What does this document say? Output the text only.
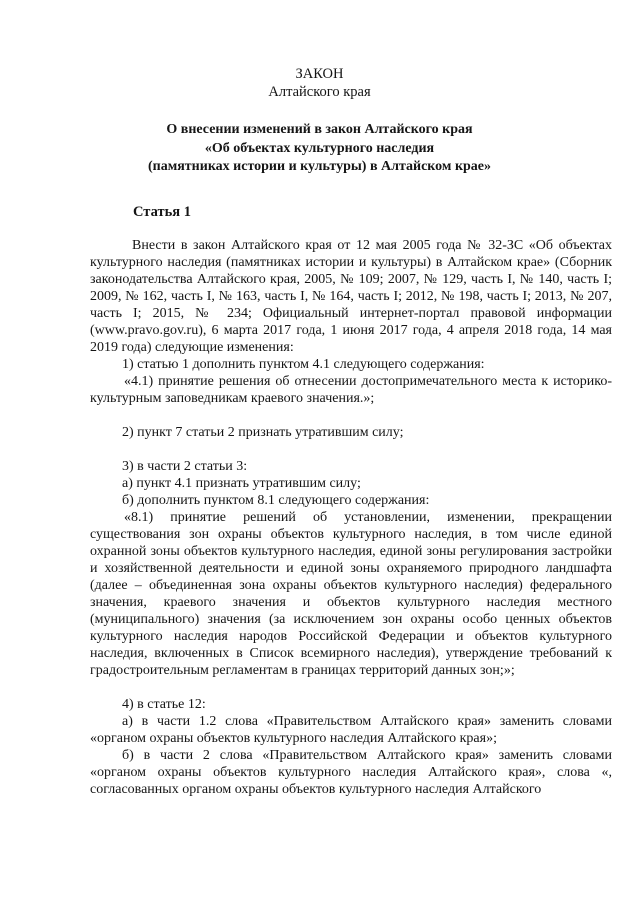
ЗАКОН
Алтайского края
О внесении изменений в закон Алтайского края
«Об объектах культурного наследия
(памятниках истории и культуры) в Алтайском крае»
Статья 1

Внести в закон Алтайского края от 12 мая 2005 года № 32-ЗС «Об объектах культурного наследия (памятниках истории и культуры) в Алтайском крае» (Сборник законодательства Алтайского края, 2005, № 109; 2007, № 129, часть I, № 140, часть I; 2009, № 162, часть I, № 163, часть I, № 164, часть I; 2012, № 198, часть I; 2013, № 207, часть I; 2015, № 234; Официальный интернет-портал правовой информации (www.pravo.gov.ru), 6 марта 2017 года, 1 июня 2017 года, 4 апреля 2018 года, 14 мая 2019 года) следующие изменения:

1) статью 1 дополнить пунктом 4.1 следующего содержания:

«4.1) принятие решения об отнесении достопримечательного места к историко-культурным заповедникам краевого значения.»;

2) пункт 7 статьи 2 признать утратившим силу;

3) в части 2 статьи 3:

а) пункт 4.1 признать утратившим силу;

б) дополнить пунктом 8.1 следующего содержания:

«8.1) принятие решений об установлении, изменении, прекращении существования зон охраны объектов культурного наследия, в том числе единой охранной зоны объектов культурного наследия, единой зоны регулирования застройки и хозяйственной деятельности и единой зоны охраняемого природного ландшафта (далее – объединенная зона охраны объектов культурного наследия) федерального значения, краевого значения и объектов культурного наследия местного (муниципального) значения (за исключением зон охраны особо ценных объектов культурного наследия народов Российской Федерации и объектов культурного наследия, включенных в Список всемирного наследия), утверждение требований к градостроительным регламентам в границах территорий данных зон;»;

4) в статье 12:

а) в части 1.2 слова «Правительством Алтайского края» заменить словами «органом охраны объектов культурного наследия Алтайского края»;

б) в части 2 слова «Правительством Алтайского края» заменить словами «органом охраны объектов культурного наследия Алтайского края», слова «, согласованных органом охраны объектов культурного наследия Алтайского
